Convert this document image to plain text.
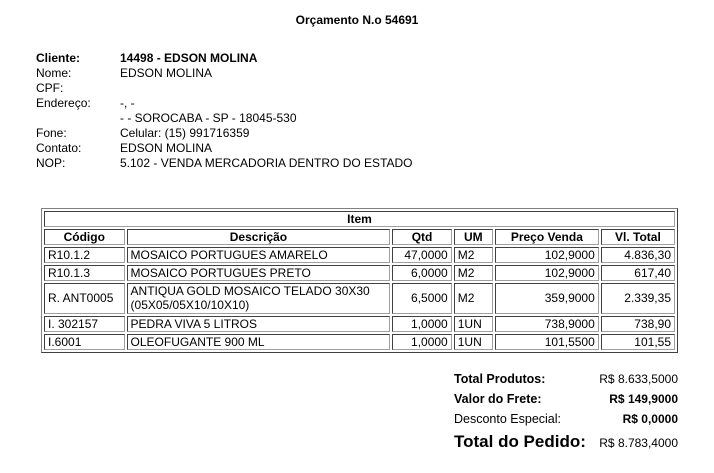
Orçamento N.o 54691
Cliente:	14498 - EDSON MOLINA
Nome:	EDSON MOLINA
CPF:
Endereço:	-, -
- - SOROCABA - SP - 18045-530
Fone:	Celular: (15) 991716359
Contato:	EDSON MOLINA
NOP:	5.102 - VENDA MERCADORIA DENTRO DO ESTADO
Item					
Código	Descrição	Qtd	UM	Preço Venda	Vl. Total
R10.1.2	MOSAICO PORTUGUES AMARELO	47,0000	M2	102,9000	4.836,30
R10.1.3	MOSAICO PORTUGUES PRETO	6,0000	M2	102,9000	617,40
R. ANT0005	ANTIQUA GOLD MOSAICO TELADO 30X30 (05X05/05X10/10X10)	6,5000	M2	359,9000	2.339,35
I. 302157	PEDRA VIVA 5 LITROS	1,0000	1UN	738,9000	738,90
I.6001	OLEOFUGANTE 900 ML	1,0000	1UN	101,5500	101,55
Total Produtos:	R$ 8.633,5000
Valor do Frete:	R$ 149,9000
Desconto Especial:	R$ 0,0000
Total do Pedido: R$ 8.783,4000
